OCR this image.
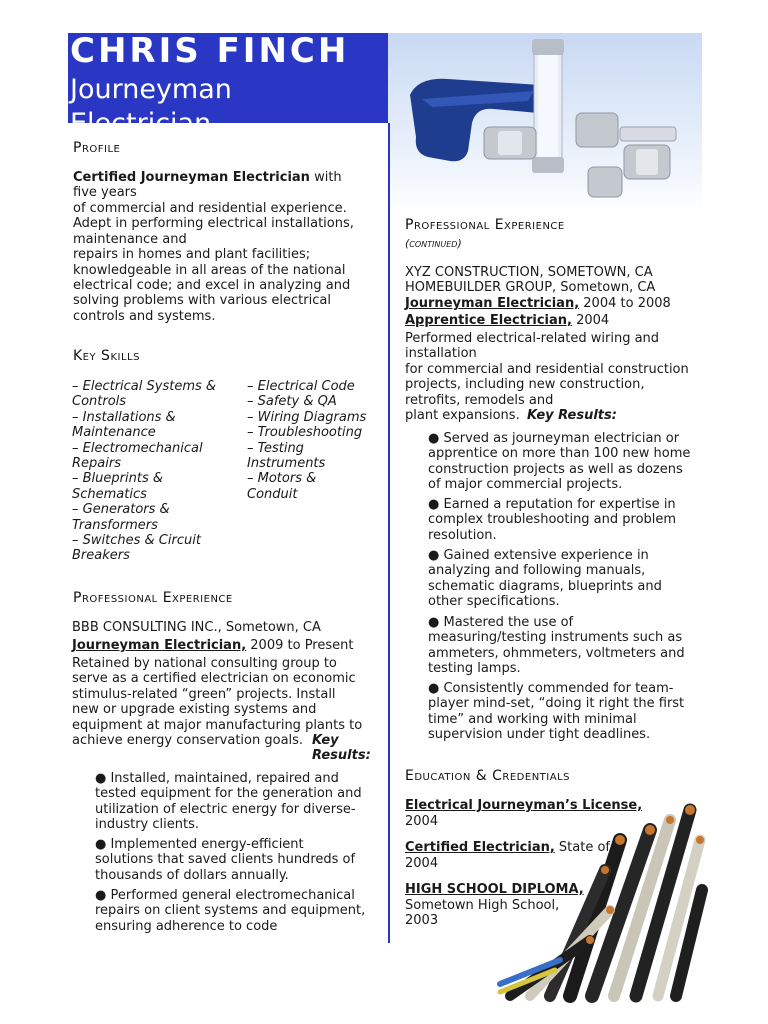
CHRIS FINCH
Journeyman Electrician
Profile
Certified Journeyman Electrician with
five years
of commercial and residential experience.
Adept in performing electrical installations,
maintenance and
repairs in homes and plant facilities;
knowledgeable in all areas of the national
electrical code; and excel in analyzing and
solving problems with various electrical
controls and systems.
Key Skills
– Electrical Systems &
Controls
– Installations &
Maintenance
– Electromechanical
Repairs
– Blueprints &
Schematics
– Generators &
Transformers
– Switches & Circuit
Breakers
– Electrical Code
– Safety & QA
– Wiring Diagrams
– Troubleshooting
– Testing
Instruments
– Motors &
Conduit
Professional Experience
BBB CONSULTING INC., Sometown, CA
Journeyman Electrician, 2009 to Present
Retained by national consulting group to
serve as a certified electrician on economic
stimulus-related “green” projects. Install
new or upgrade existing systems and
equipment at major manufacturing plants to
achieve energy conservation goals. Key
Results:
● Installed, maintained, repaired and
tested equipment for the generation and
utilization of electric energy for diverse-
industry clients.
● Implemented energy-efficient
solutions that saved clients hundreds of
thousands of dollars annually.
● Performed general electromechanical
repairs on client systems and equipment,
ensuring adherence to code
Professional Experience
(continued)
XYZ CONSTRUCTION, SOMETOWN, CA
HOMEBUILDER GROUP, Sometown, CA
Journeyman Electrician, 2004 to 2008
Apprentice Electrician, 2004
Performed electrical-related wiring and
installation
for commercial and residential construction
projects, including new construction,
retrofits, remodels and
plant expansions. Key Results:
● Served as journeyman electrician or
apprentice on more than 100 new home
construction projects as well as dozens
of major commercial projects.
● Earned a reputation for expertise in
complex troubleshooting and problem
resolution.
● Gained extensive experience in
analyzing and following manuals,
schematic diagrams, blueprints and
other specifications.
● Mastered the use of
measuring/testing instruments such as
ammeters, ohmmeters, voltmeters and
testing lamps.
● Consistently commended for team-
player mind-set, “doing it right the first
time” and working with minimal
supervision under tight deadlines.
Education & Credentials
Electrical Journeyman’s License,
2004
Certified Electrician, State of
2004
HIGH SCHOOL DIPLOMA,
Sometown High School,
2003
